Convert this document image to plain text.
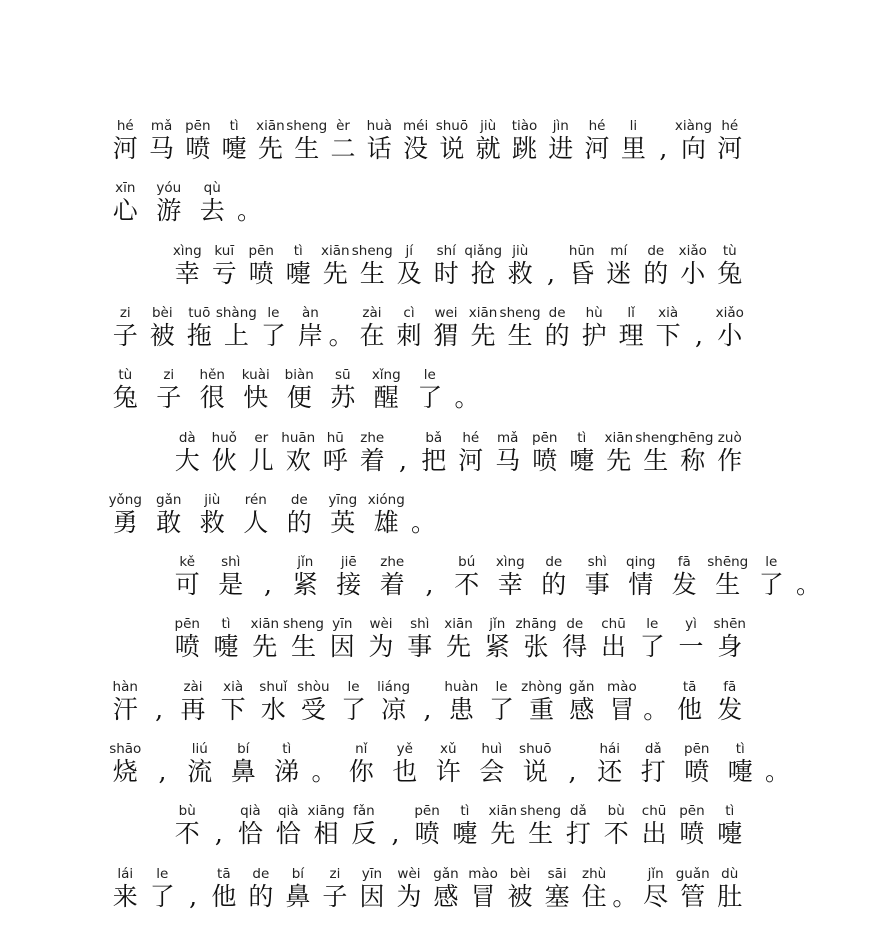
hé
河
mǎ
马
pēn
喷
tì
嚏
xiān
先
sheng
生
èr
二
huà
话
méi
没
shuō
说
jiù
就
tiào
跳
jìn
进
hé
河
li
里 ,
xiàng
向
hé
河
xīn
心
yóu
游
qù
去 。
xìng
幸
kuī
亏
pēn
喷
tì
嚏
xiān
先
sheng
生
jí
及
shí
时
qiǎng
抢
jiù
救 ,
hūn
昏
mí
迷
de
的
xiǎo
小
tù
兔
zi
子
bèi
被
tuō
拖
shàng
上
le
了
àn
岸 。
zài
在
cì
刺
wei
猬
xiān
先
sheng
生
de
的
hù
护
lǐ
理
xià
下 ,
xiǎo
小
tù
兔
zi
子
hěn
很
kuài
快
biàn
便
sū
苏
xǐng
醒
le
了 。
dà
大
huǒ
伙
er
儿
huān
欢
hū
呼
zhe
着 ,
bǎ
把
hé
河
mǎ
马
pēn
喷
tì
嚏
xiān
先
sheng
生
chēng
称
zuò
作
yǒng
勇
gǎn
敢
jiù
救
rén
人
de
的
yīng
英
xióng
雄 。
kě
可
shì
是 ,
jǐn
紧
jiē
接
zhe
着 ,
bú
不
xìng
幸
de
的
shì
事
qing
情
fā
发
shēng
生
le
了 。
pēn
喷
tì
嚏
xiān
先
sheng
生
yīn
因
wèi
为
shì
事
xiān
先
jǐn
紧
zhāng
张
de
得
chū
出
le
了
yì
一
shēn
身
hàn
汗 ,
zài
再
xià
下
shuǐ
水
shòu
受
le
了
liáng
凉 ,
huàn
患
le
了
zhòng
重
gǎn
感
mào
冒 。
tā
他
fā
发
shāo
烧 ,
liú
流
bí
鼻
tì
涕 。
nǐ
你
yě
也
xǔ
许
huì
会
shuō
说 ,
hái
还
dǎ
打
pēn
喷
tì
嚏 。
bù
不 ,
qià
恰
qià
恰
xiāng
相
fǎn
反 ,
pēn
喷
tì
嚏
xiān
先
sheng
生
dǎ
打
bù
不
chū
出
pēn
喷
tì
嚏
lái
来
le
了 ,
tā
他
de
的
bí
鼻
zi
子
yīn
因
wèi
为
gǎn
感
mào
冒
bèi
被
sāi
塞
zhù
住 。
jǐn
尽
guǎn
管
dù
肚
